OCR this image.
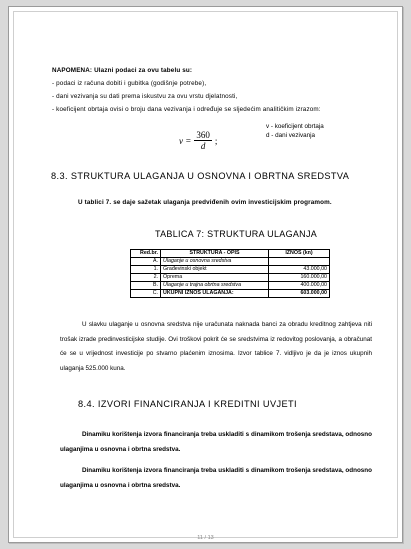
NAPOMENA: Ulazni podaci za ovu tabelu su:
- podaci iz računa dobiti i gubitka (godišnje potrebe),
- dani vezivanja su dati prema iskustvu za ovu vrstu djelatnosti,
- koeficijent obrtaja ovisi o broju dana vezivanja i određuje se sljedećim analitičkim izrazom:
$v = \frac{360}{d}$ ;
v - koeficijent obrtaja
d - dani vezivanja
8.3. STRUKTURA ULAGANJA U OSNOVNA I OBRTNA SREDSTVA
U tablici 7. se daje sažetak ulaganja predviđenih ovim investicijskim programom.
TABLICA 7: STRUKTURA ULAGANJA
Red.br.	STRUKTURA - OPIS	IZNOS (kn)
A.	Ulaganje u osnovna sredstva	
1.	Građevinski objekt	43.000,00
2.	Oprema	160.000,00
B.	Ulaganje u trajna obrtna sredstva	400.000,00
C.	UKUPNI IZNOS ULAGANJA:	603.000,00
U slavku ulaganje u osnovna sredstva nije uračunata naknada banci za obradu kreditnog zahtjeva niti trošak izrade predinvesticijske studije. Ovi troškovi pokrit će se sredstvima iz redovitog poslovanja, a obračunat će se u vrijednost investicije po stvarno plaćenim iznosima. Izvor tablice 7. vidljivo je da je iznos ukupnih ulaganja 525.000 kuna.
8.4. IZVORI FINANCIRANJA I KREDITNI UVJETI
Dinamiku korištenja izvora financiranja treba uskladiti s dinamikom trošenja sredstava, odnosno ulaganjima u osnovna i obrtna sredstva.
Dinamiku korištenja izvora financiranja treba uskladiti s dinamikom trošenja sredstava, odnosno ulaganjima u osnovna i obrtna sredstva.
11 / 13
